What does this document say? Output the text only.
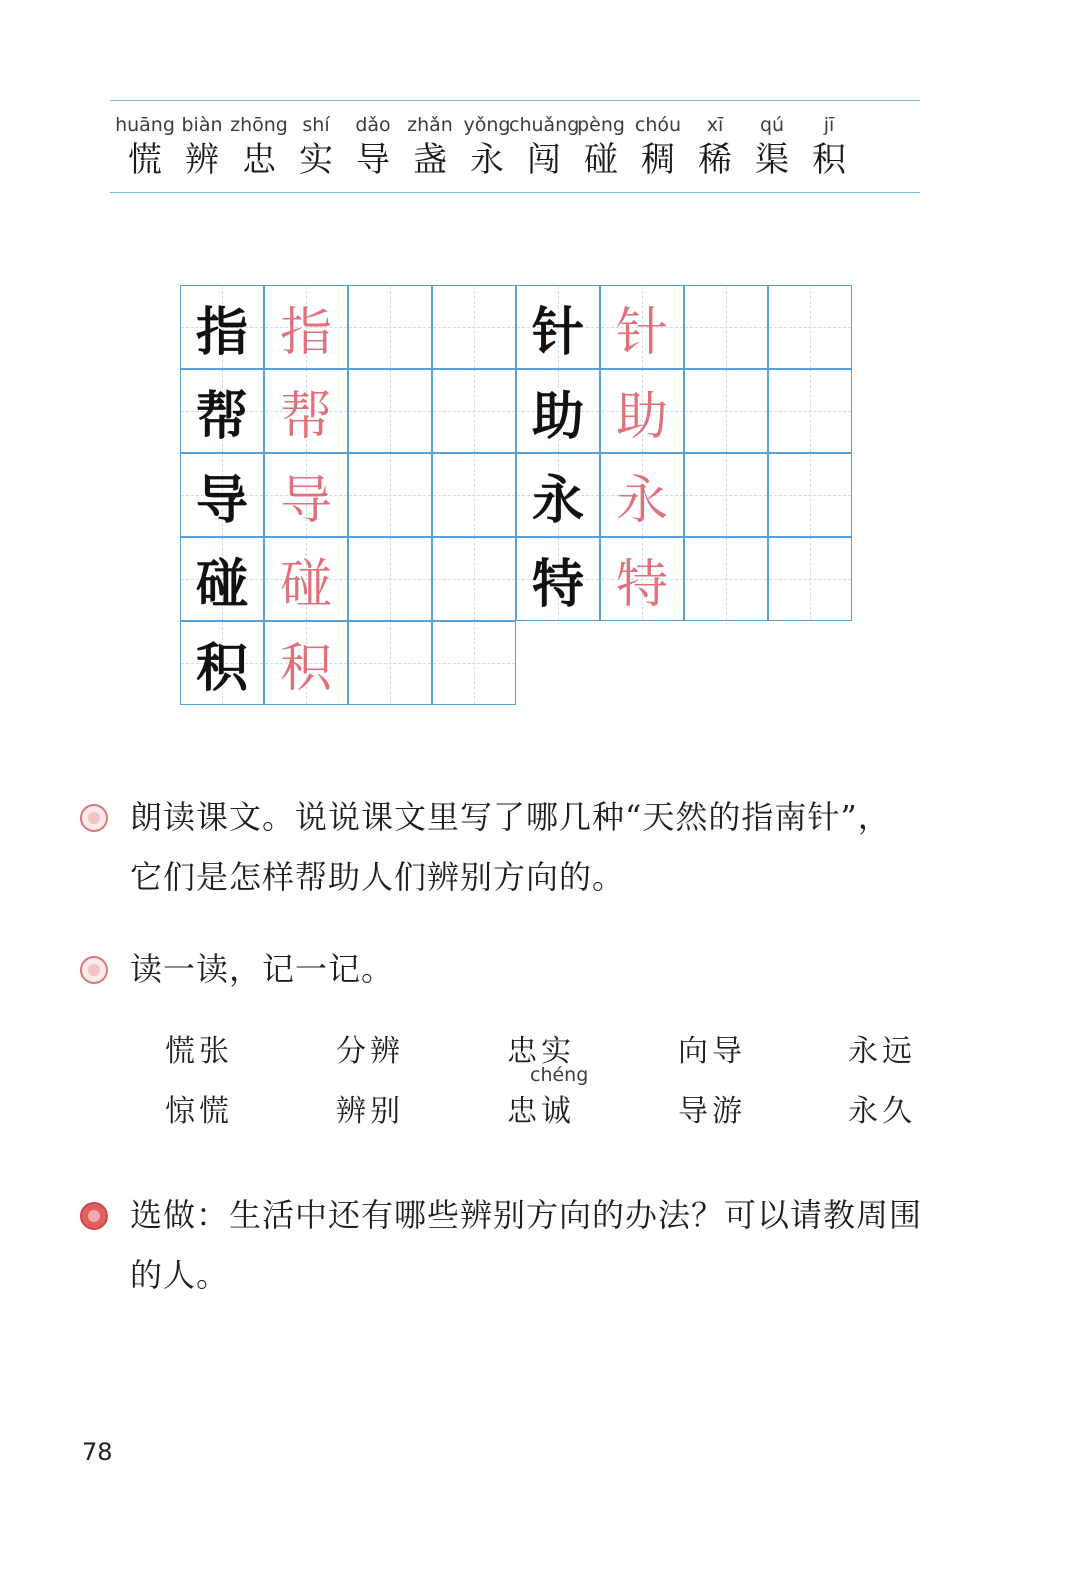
huāng
慌
biàn
辨
zhōng
忠
shí
实
dǎo
导
zhǎn
盏
yǒng
永
chuǎng
闯
pèng
碰
chóu
稠
xī
稀
qú
渠
jī
积
指 指
帮 帮
导 导
碰 碰
积 积
针 针
助 助
永 永
特 特
朗读课文。说说课文里写了哪几种“天然的指南针”，
它们是怎样帮助人们辨别方向的。
读一读，记一记。
慌张	分辨	忠实	向导	永远
chéng
惊慌	辨别	忠诚	导游	永久
选做：生活中还有哪些辨别方向的办法？可以请教周围
的人。
78
